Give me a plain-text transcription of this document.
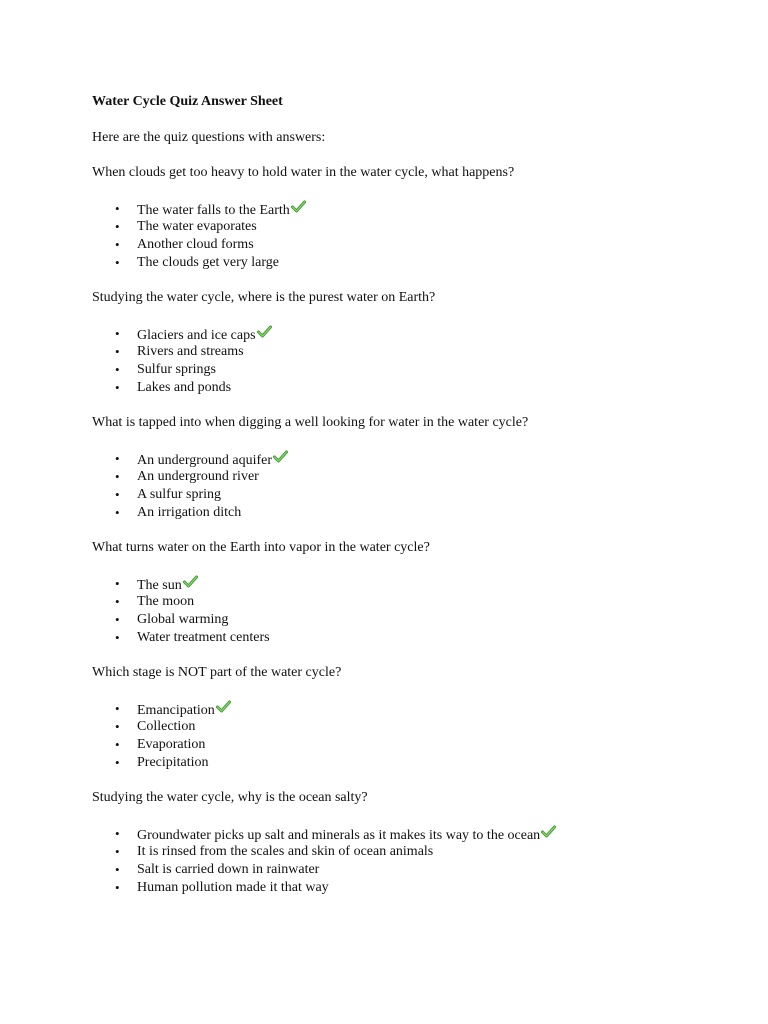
Water Cycle Quiz Answer Sheet

Here are the quiz questions with answers:

When clouds get too heavy to hold water in the water cycle, what happens?

• The water falls to the Earth
• The water evaporates
• Another cloud forms
• The clouds get very large

Studying the water cycle, where is the purest water on Earth?

• Glaciers and ice caps
• Rivers and streams
• Sulfur springs
• Lakes and ponds

What is tapped into when digging a well looking for water in the water cycle?

• An underground aquifer
• An underground river
• A sulfur spring
• An irrigation ditch

What turns water on the Earth into vapor in the water cycle?

• The sun
• The moon
• Global warming
• Water treatment centers

Which stage is NOT part of the water cycle?

• Emancipation
• Collection
• Evaporation
• Precipitation

Studying the water cycle, why is the ocean salty?

• Groundwater picks up salt and minerals as it makes its way to the ocean
• It is rinsed from the scales and skin of ocean animals
• Salt is carried down in rainwater
• Human pollution made it that way
